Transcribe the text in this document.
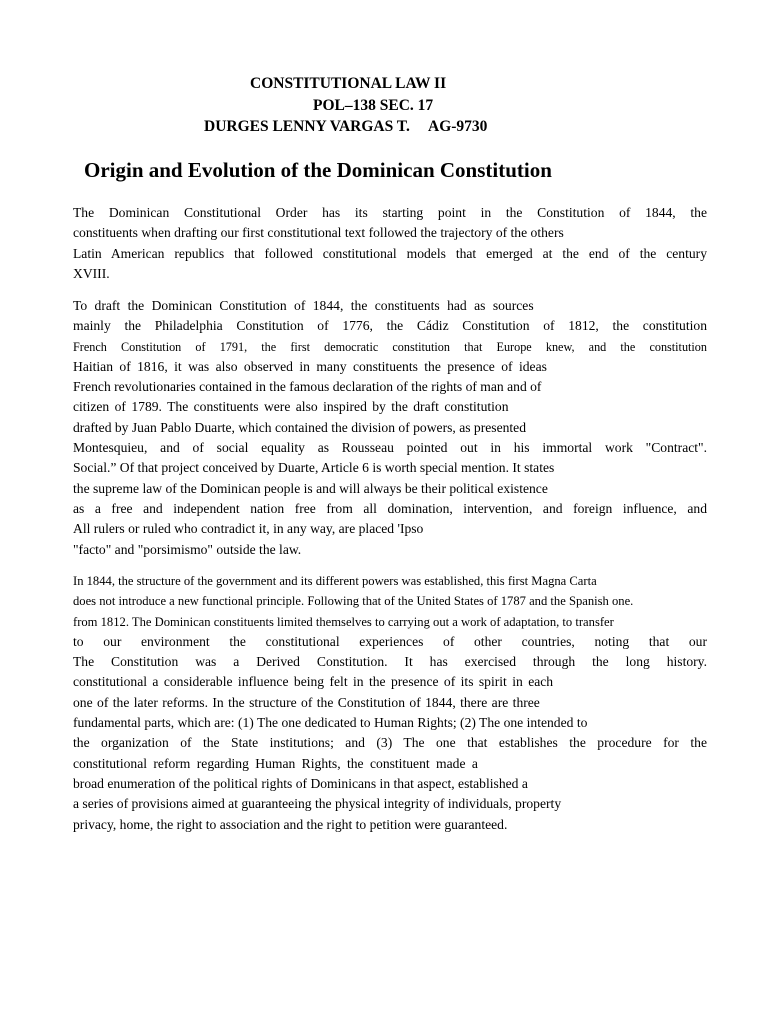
CONSTITUTIONAL LAW II
POL–138 SEC. 17
DURGES LENNY VARGAS T. AG-9730
Origin and Evolution of the Dominican Constitution
The Dominican Constitutional Order has its starting point in the Constitution of 1844, the
constituents when drafting our first constitutional text followed the trajectory of the others
Latin American republics that followed constitutional models that emerged at the end of the century
XVIII.
To draft the Dominican Constitution of 1844, the constituents had as sources
mainly the Philadelphia Constitution of 1776, the Cádiz Constitution of 1812, the constitution
French Constitution of 1791, the first democratic constitution that Europe knew, and the constitution
Haitian of 1816, it was also observed in many constituents the presence of ideas
French revolutionaries contained in the famous declaration of the rights of man and of
citizen of 1789. The constituents were also inspired by the draft constitution
drafted by Juan Pablo Duarte, which contained the division of powers, as presented
Montesquieu, and of social equality as Rousseau pointed out in his immortal work "Contract".
Social.” Of that project conceived by Duarte, Article 6 is worth special mention. It states
the supreme law of the Dominican people is and will always be their political existence
as a free and independent nation free from all domination, intervention, and foreign influence, and
All rulers or ruled who contradict it, in any way, are placed 'Ipso
"facto" and "porsimismo" outside the law.
In 1844, the structure of the government and its different powers was established, this first Magna Carta
does not introduce a new functional principle. Following that of the United States of 1787 and the Spanish one.
from 1812. The Dominican constituents limited themselves to carrying out a work of adaptation, to transfer
to our environment the constitutional experiences of other countries, noting that our
The Constitution was a Derived Constitution. It has exercised through the long history.
constitutional a considerable influence being felt in the presence of its spirit in each
one of the later reforms. In the structure of the Constitution of 1844, there are three
fundamental parts, which are: (1) The one dedicated to Human Rights; (2) The one intended to
the organization of the State institutions; and (3) The one that establishes the procedure for the
constitutional reform regarding Human Rights, the constituent made a
broad enumeration of the political rights of Dominicans in that aspect, established a
a series of provisions aimed at guaranteeing the physical integrity of individuals, property
privacy, home, the right to association and the right to petition were guaranteed.
